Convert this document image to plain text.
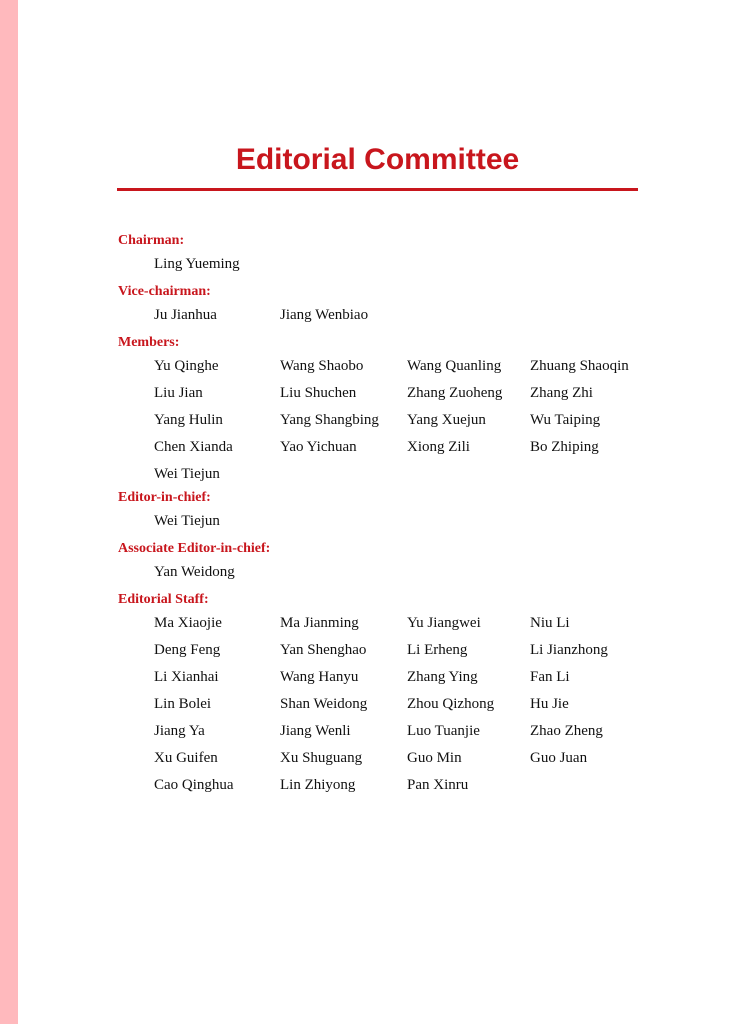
Editorial Committee
Chairman:
Ling Yueming
Vice-chairman:
Ju Jianhua	Jiang Wenbiao
Members:
Yu Qinghe	Wang Shaobo	Wang Quanling	Zhuang Shaoqin
Liu Jian	Liu Shuchen	Zhang Zuoheng	Zhang Zhi
Yang Hulin	Yang Shangbing	Yang Xuejun	Wu Taiping
Chen Xianda	Yao Yichuan	Xiong Zili	Bo Zhiping
Wei Tiejun
Editor-in-chief:
Wei Tiejun
Associate Editor-in-chief:
Yan Weidong
Editorial Staff:
Ma Xiaojie	Ma Jianming	Yu Jiangwei	Niu Li
Deng Feng	Yan Shenghao	Li Erheng	Li Jianzhong
Li Xianhai	Wang Hanyu	Zhang Ying	Fan Li
Lin Bolei	Shan Weidong	Zhou Qizhong	Hu Jie
Jiang Ya	Jiang Wenli	Luo Tuanjie	Zhao Zheng
Xu Guifen	Xu Shuguang	Guo Min	Guo Juan
Cao Qinghua	Lin Zhiyong	Pan Xinru
